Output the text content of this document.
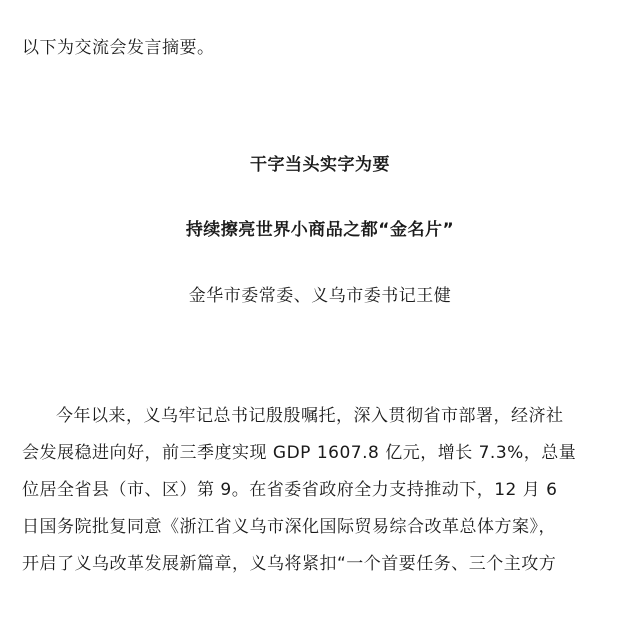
以下为交流会发言摘要。

干字当头实字为要

持续擦亮世界小商品之都“金名片”

金华市委常委、义乌市委书记王健

今年以来，义乌牢记总书记殷殷嘱托，深入贯彻省市部署，经济社
会发展稳进向好，前三季度实现 GDP 1607.8 亿元，增长 7.3%，总量
位居全省县（市、区）第 9。在省委省政府全力支持推动下，12 月 6
日国务院批复同意《浙江省义乌市深化国际贸易综合改革总体方案》，
开启了义乌改革发展新篇章，义乌将紧扣“一个首要任务、三个主攻方
